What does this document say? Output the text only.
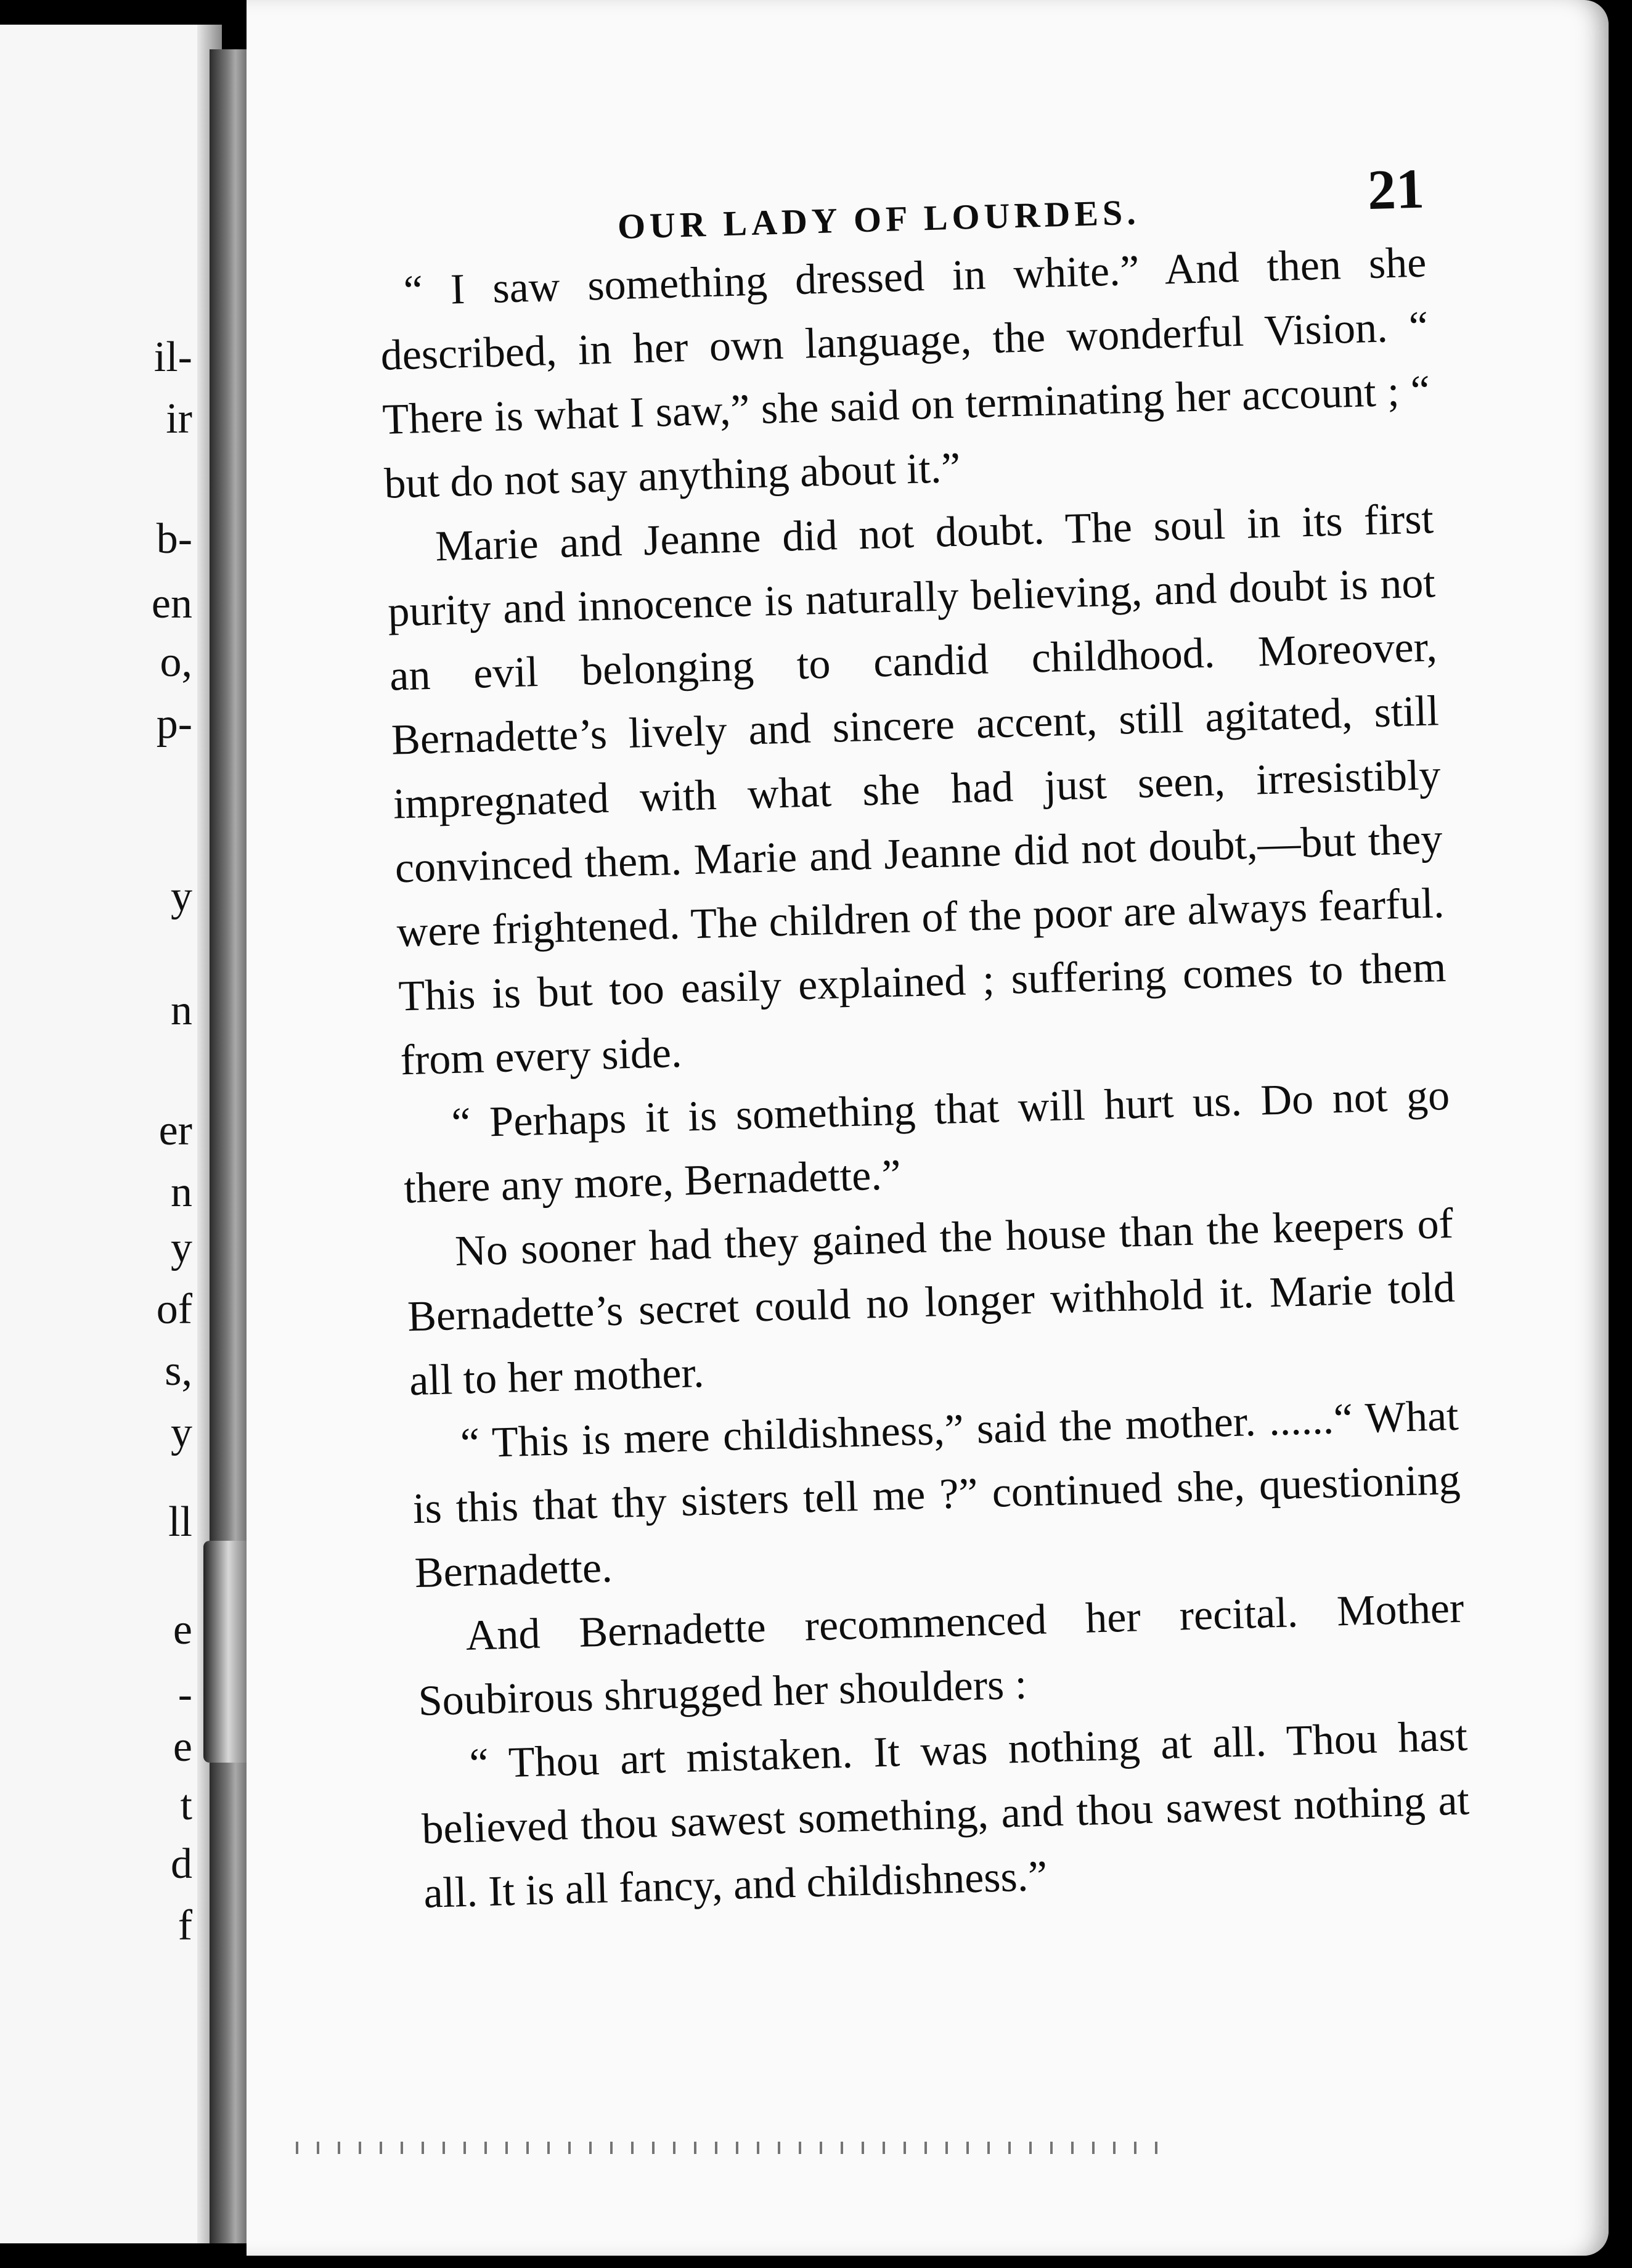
il-
ir
b-
en
o,
p-
y
n
er
n
y
of
s,
y
ll
e
-
e
t
d
f
OUR LADY OF LOURDES.	21

“ I saw something dressed in white.” And then she described, in her own language, the wonderful Vision. “ There is what I saw,” she said on terminating her account ; “ but do not say anything about it.”

Marie and Jeanne did not doubt. The soul in its first purity and innocence is naturally believing, and doubt is not an evil belonging to candid childhood. Moreover, Bernadette’s lively and sincere accent, still agitated, still impregnated with what she had just seen, irresistibly convinced them. Marie and Jeanne did not doubt,—but they were frightened. The children of the poor are always fearful. This is but too easily explained ; suffering comes to them from every side.

“ Perhaps it is something that will hurt us. Do not go there any more, Bernadette.”

No sooner had they gained the house than the keepers of Bernadette’s secret could no longer withhold it. Marie told all to her mother.

“ This is mere childishness,” said the mother. ......“ What is this that thy sisters tell me ?” continued she, questioning Bernadette.

And Bernadette recommenced her recital. Mother Soubirous shrugged her shoulders :

“ Thou art mistaken. It was nothing at all. Thou hast believed thou sawest something, and thou sawest nothing at all. It is all fancy, and childishness.”
